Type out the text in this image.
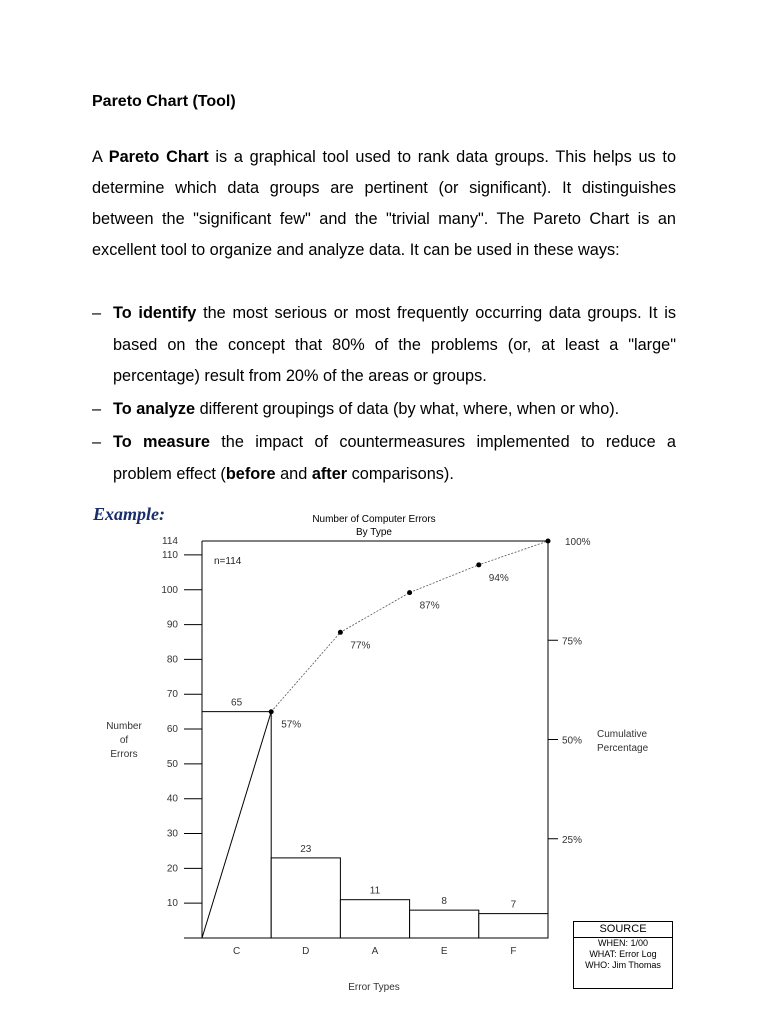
Pareto Chart (Tool)

A Pareto Chart is a graphical tool used to rank data groups. This helps us to determine which data groups are pertinent (or significant). It distinguishes between the "significant few" and the "trivial many". The Pareto Chart is an excellent tool to organize and analyze data. It can be used in these ways:

– To identify the most serious or most frequently occurring data groups. It is based on the concept that 80% of the problems (or, at least a "large" percentage) result from 20% of the areas or groups.
– To analyze different groupings of data (by what, where, when or who).
– To measure the impact of countermeasures implemented to reduce a problem effect (before and after comparisons).
Example:	Number of Computer Errors
By Type
n=114
Number
of
Errors
Cumulative
Percentage
Error Types
65
C
23
D
11
A
8
E
7
F
10
20
30
40
50
60
70
80
90
100
110
114
25%
50%
75%
57%
77%
87%
94%
100%
SOURCE
WHEN: 1/00
WHAT: Error Log
WHO: Jim Thomas
